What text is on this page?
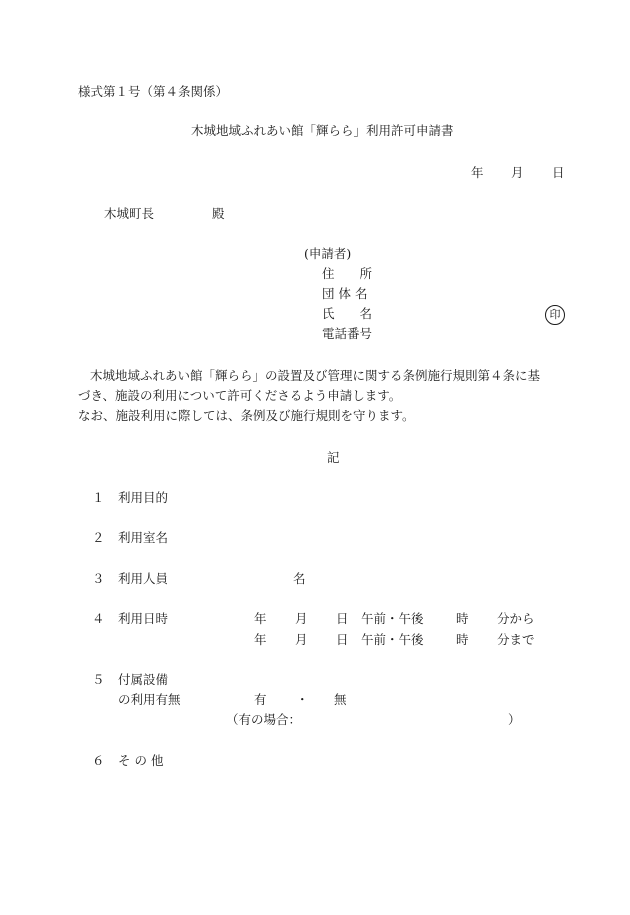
様式第１号（第４条関係）
木城地域ふれあい館「輝らら」利用許可申請書
年 月 日
木城町長	殿
(申請者)
住　　所
団 体 名
氏　　名	印
電話番号
木城地域ふれあい館「輝らら」の設置及び管理に関する条例施行規則第４条に基
づき、施設の利用について許可くださるよう申請します。
なお、施設利用に際しては、条例及び施行規則を守ります。
記
１ 利用目的
２ 利用室名
３ 利用人員	名
４ 利用日時	年 月 日 午前・午後	時 分から
年 月 日 午前・午後	時 分まで
５ 付属設備
の利用有無	有 ・ 無
（有の場合：	）
６ そ の 他
